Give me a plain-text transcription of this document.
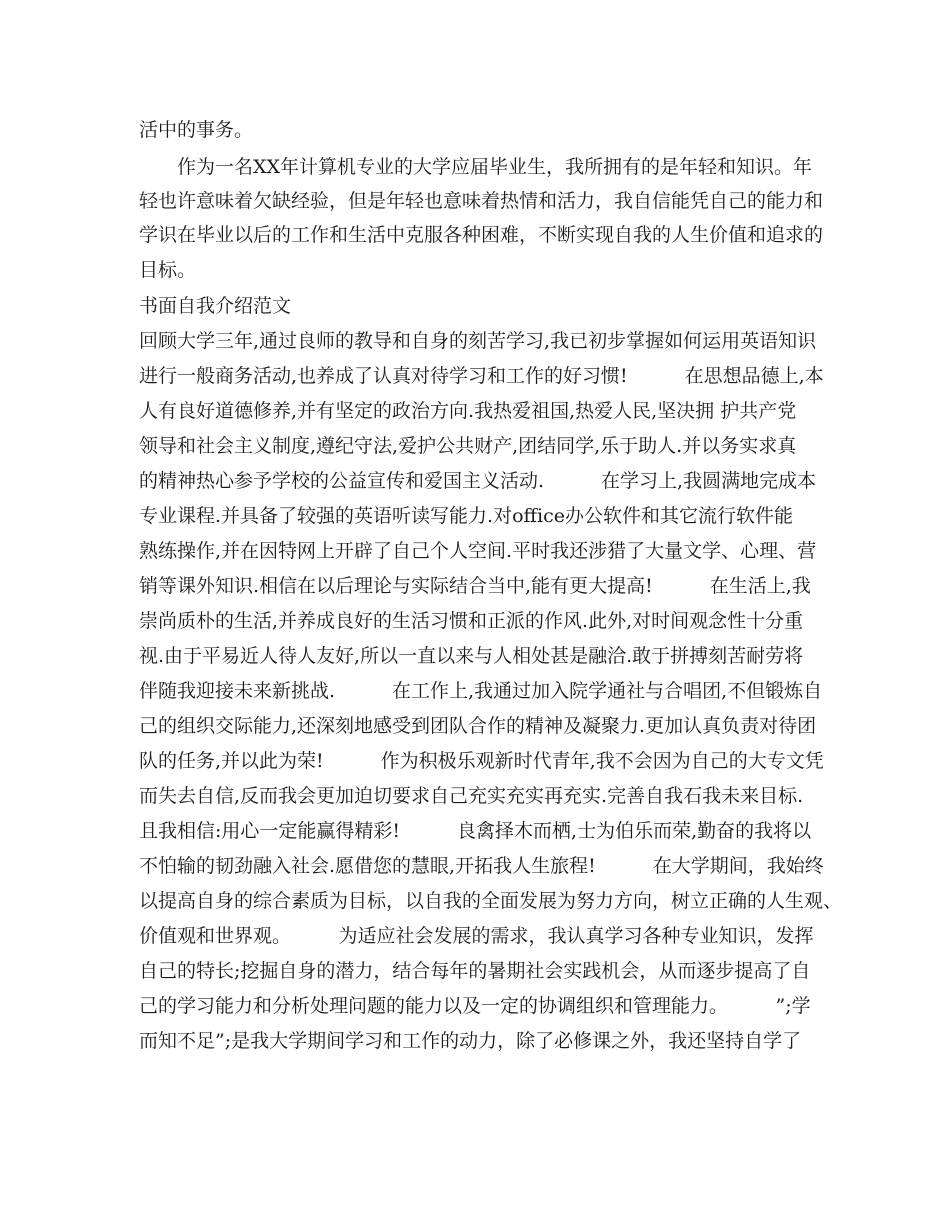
活中的事务。
　　作为一名XX年计算机专业的大学应届毕业生，我所拥有的是年轻和知识。年
轻也许意味着欠缺经验，但是年轻也意味着热情和活力，我自信能凭自己的能力和
学识在毕业以后的工作和生活中克服各种困难，不断实现自我的人生价值和追求的
目标。
书面自我介绍范文
回顾大学三年,通过良师的教导和自身的刻苦学习,我已初步掌握如何运用英语知识
进行一般商务活动,也养成了认真对待学习和工作的好习惯!　　　在思想品德上,本
人有良好道德修养,并有坚定的政治方向.我热爱祖国,热爱人民,坚决拥 护共产党
领导和社会主义制度,遵纪守法,爱护公共财产,团结同学,乐于助人.并以务实求真
的精神热心参予学校的公益宣传和爱国主义活动.　　　在学习上,我圆满地完成本
专业课程.并具备了较强的英语听读写能力.对office办公软件和其它流行软件能
熟练操作,并在因特网上开辟了自己个人空间.平时我还涉猎了大量文学、心理、营
销等课外知识.相信在以后理论与实际结合当中,能有更大提高!　　　在生活上,我
崇尚质朴的生活,并养成良好的生活习惯和正派的作风.此外,对时间观念性十分重
视.由于平易近人待人友好,所以一直以来与人相处甚是融洽.敢于拼搏刻苦耐劳将
伴随我迎接未来新挑战.　　　在工作上,我通过加入院学通社与合唱团,不但锻炼自
己的组织交际能力,还深刻地感受到团队合作的精神及凝聚力.更加认真负责对待团
队的任务,并以此为荣!　　　作为积极乐观新时代青年,我不会因为自己的大专文凭
而失去自信,反而我会更加迫切要求自己充实充实再充实.完善自我石我未来目标.
且我相信:用心一定能赢得精彩!　　　良禽择木而栖,士为伯乐而荣,勤奋的我将以
不怕输的韧劲融入社会.愿借您的慧眼,开拓我人生旅程!　　　在大学期间，我始终
以提高自身的综合素质为目标，以自我的全面发展为努力方向，树立正确的人生观、
价值观和世界观。　　　为适应社会发展的需求，我认真学习各种专业知识，发挥
自己的特长;挖掘自身的潜力，结合每年的暑期社会实践机会，从而逐步提高了自
己的学习能力和分析处理问题的能力以及一定的协调组织和管理能力。　　　”;学
而知不足”;是我大学期间学习和工作的动力，除了必修课之外，我还坚持自学了
